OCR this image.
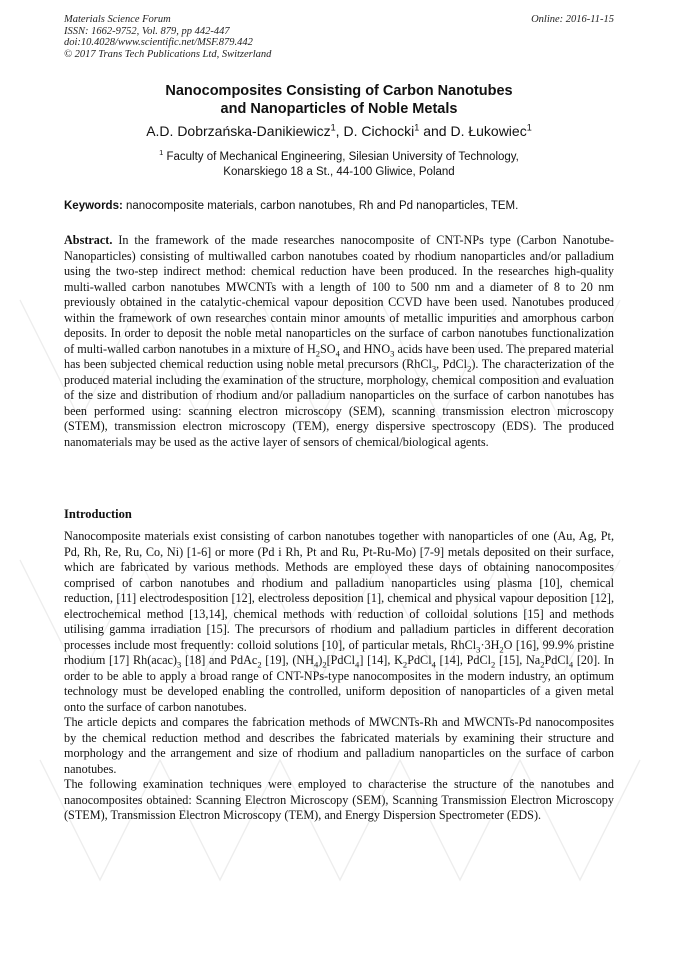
Materials Science Forum
ISSN: 1662-9752, Vol. 879, pp 442-447
doi:10.4028/www.scientific.net/MSF.879.442
© 2017 Trans Tech Publications Ltd, Switzerland
Online: 2016-11-15
Nanocomposites Consisting of Carbon Nanotubes
and Nanoparticles of Noble Metals
A.D. Dobrzańska-Danikiewicz$^1$, D. Cichocki$^1$ and D. Łukowiec$^1$
$^1$ Faculty of Mechanical Engineering, Silesian University of Technology,
Konarskiego 18 a St., 44-100 Gliwice, Poland
Keywords: nanocomposite materials, carbon nanotubes, Rh and Pd nanoparticles, TEM.
Abstract. In the framework of the made researches nanocomposite of CNT-NPs type (Carbon Nanotube-Nanoparticles) consisting of multiwalled carbon nanotubes coated by rhodium nanoparticles and/or palladium using the two-step indirect method: chemical reduction have been produced. In the researches high-quality multi-walled carbon nanotubes MWCNTs with a length of 100 to 500 nm and a diameter of 8 to 20 nm previously obtained in the catalytic-chemical vapour deposition CCVD have been used. Nanotubes produced within the framework of own researches contain minor amounts of metallic impurities and amorphous carbon deposits. In order to deposit the noble metal nanoparticles on the surface of carbon nanotubes functionalization of multi-walled carbon nanotubes in a mixture of $H_2SO_4$ and $HNO_3$ acids have been used. The prepared material has been subjected chemical reduction using noble metal precursors (RhCl$_3$, PdCl$_2$). The characterization of the produced material including the examination of the structure, morphology, chemical composition and evaluation of the size and distribution of rhodium and/or palladium nanoparticles on the surface of carbon nanotubes has been performed using: scanning electron microscopy (SEM), scanning transmission electron microscopy (STEM), transmission electron microscopy (TEM), energy dispersive spectroscopy (EDS). The produced nanomaterials may be used as the active layer of sensors of chemical/biological agents.
Introduction

Nanocomposite materials exist consisting of carbon nanotubes together with nanoparticles of one (Au, Ag, Pt, Pd, Rh, Re, Ru, Co, Ni) [1-6] or more (Pd i Rh, Pt and Ru, Pt-Ru-Mo) [7-9] metals deposited on their surface, which are fabricated by various methods. Methods are employed these days of obtaining nanocomposites comprised of carbon nanotubes and rhodium and palladium nanoparticles using plasma [10], chemical reduction, [11] electrodesposition [12], electroless deposition [1], chemical and physical vapour deposition [12], electrochemical method [13,14], chemical methods with reduction of colloidal solutions [15] and methods utilising gamma irradiation [15]. The precursors of rhodium and palladium particles in different decoration processes include most frequently: colloid solutions [10], of particular metals, $RhCl_3\cdot 3H_2O$ [16], 99.9% pristine rhodium [17] $Rh(acac)_3$ [18] and PdAc$_2$ [19], $(NH_4)_2[PdCl_4]$ [14], $K_2PdCl_4$ [14], PdCl$_2$ [15], $Na_2PdCl_4$ [20]. In order to be able to apply a broad range of CNT-NPs-type nanocomposites in the modern industry, an optimum technology must be developed enabling the controlled, uniform deposition of nanoparticles of a given metal onto the surface of carbon nanotubes.

The article depicts and compares the fabrication methods of MWCNTs-Rh and MWCNTs-Pd nanocomposites by the chemical reduction method and describes the fabricated materials by examining their structure and morphology and the arrangement and size of rhodium and palladium nanoparticles on the surface of carbon nanotubes.

The following examination techniques were employed to characterise the structure of the nanotubes and nanocomposites obtained: Scanning Electron Microscopy (SEM), Scanning Transmission Electron Microscopy (STEM), Transmission Electron Microscopy (TEM), and Energy Dispersion Spectrometer (EDS).
